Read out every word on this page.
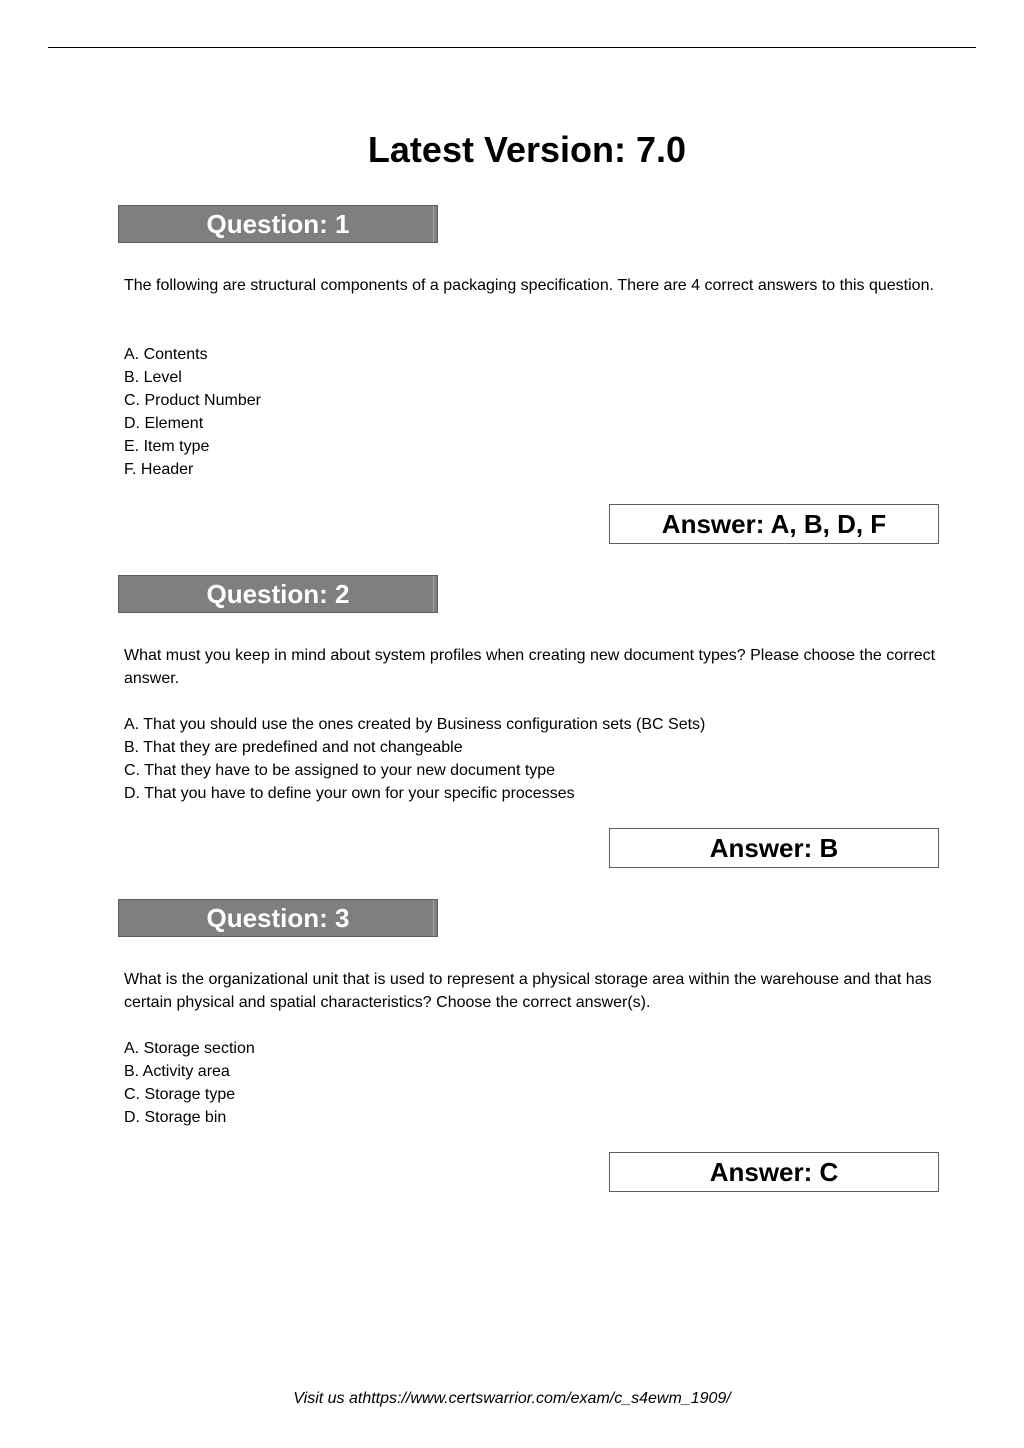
Latest Version: 7.0
Question: 1
The following are structural components of a packaging specification. There are 4 correct answers to this question.
A. Contents
B. Level
C. Product Number
D. Element
E. Item type
F. Header
Answer: A, B, D, F
Question: 2
What must you keep in mind about system profiles when creating new document types? Please choose the correct answer.
A. That you should use the ones created by Business configuration sets (BC Sets)
B. That they are predefined and not changeable
C. That they have to be assigned to your new document type
D. That you have to define your own for your specific processes
Answer: B
Question: 3
What is the organizational unit that is used to represent a physical storage area within the warehouse and that has certain physical and spatial characteristics? Choose the correct answer(s).
A. Storage section
B. Activity area
C. Storage type
D. Storage bin
Answer: C
Visit us athttps://www.certswarrior.com/exam/c_s4ewm_1909/
